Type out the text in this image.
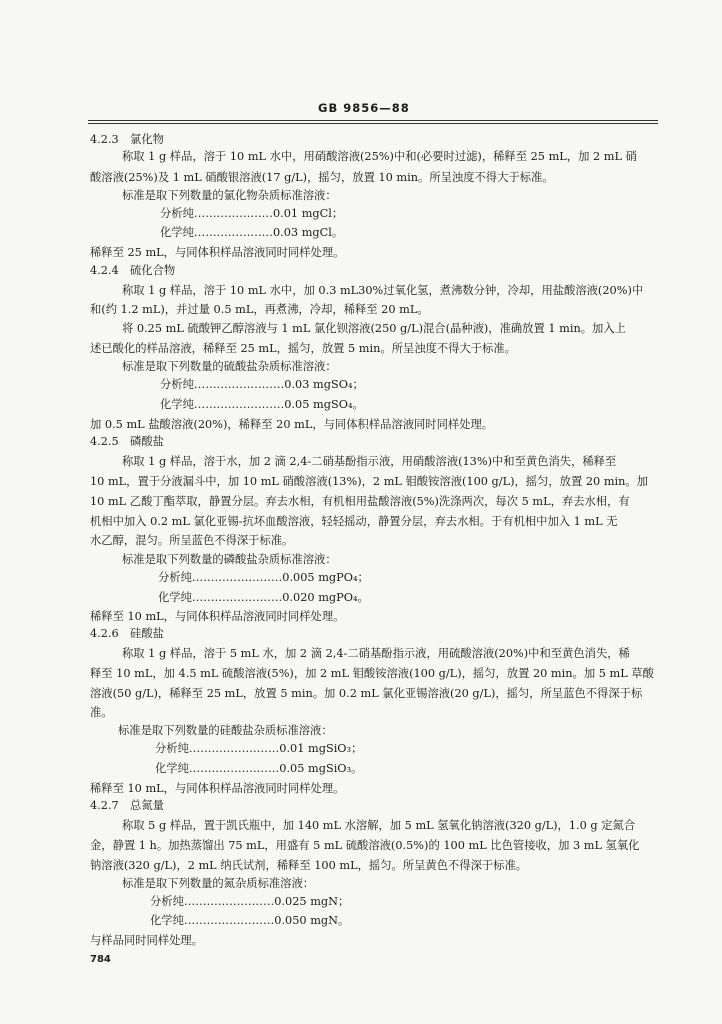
GB 9856—88
4.2.3　氯化物
称取 1 g 样品，溶于 10 mL 水中，用硝酸溶液(25%)中和(必要时过滤)，稀释至 25 mL，加 2 mL 硝
酸溶液(25%)及 1 mL 硝酸银溶液(17 g/L)，摇匀，放置 10 min。所呈浊度不得大于标准。
标准是取下列数量的氯化物杂质标准溶液：
分析纯…………………0.01 mgCl；
化学纯…………………0.03 mgCl。
稀释至 25 mL，与同体积样品溶液同时同样处理。
4.2.4　硫化合物
称取 1 g 样品，溶于 10 mL 水中，加 0.3 mL30%过氧化氢，煮沸数分钟，冷却，用盐酸溶液(20%)中
和(约 1.2 mL)，并过量 0.5 mL，再煮沸，冷却，稀释至 20 mL。
将 0.25 mL 硫酸钾乙醇溶液与 1 mL 氯化钡溶液(250 g/L)混合(晶种液)，准确放置 1 min。加入上
述已酸化的样品溶液，稀释至 25 mL，摇匀，放置 5 min。所呈浊度不得大于标准。
标准是取下列数量的硫酸盐杂质标准溶液：
分析纯……………………0.03 mgSO₄；
化学纯……………………0.05 mgSO₄。
加 0.5 mL 盐酸溶液(20%)，稀释至 20 mL，与同体积样品溶液同时同样处理。
4.2.5　磷酸盐
称取 1 g 样品，溶于水，加 2 滴 2,4-二硝基酚指示液，用硝酸溶液(13%)中和至黄色消失，稀释至
10 mL，置于分液漏斗中，加 10 mL 硝酸溶液(13%)，2 mL 钼酸铵溶液(100 g/L)，摇匀，放置 20 min。加
10 mL 乙酸丁酯萃取，静置分层。弃去水相，有机相用盐酸溶液(5%)洗涤两次，每次 5 mL，弃去水相，有
机相中加入 0.2 mL 氯化亚锡-抗坏血酸溶液，轻轻摇动，静置分层，弃去水相。于有机相中加入 1 mL 无
水乙醇，混匀。所呈蓝色不得深于标准。
标准是取下列数量的磷酸盐杂质标准溶液：
分析纯……………………0.005 mgPO₄；
化学纯……………………0.020 mgPO₄。
稀释至 10 mL，与同体积样品溶液同时同样处理。
4.2.6　硅酸盐
称取 1 g 样品，溶于 5 mL 水，加 2 滴 2,4-二硝基酚指示液，用硫酸溶液(20%)中和至黄色消失，稀
释至 10 mL，加 4.5 mL 硫酸溶液(5%)，加 2 mL 钼酸铵溶液(100 g/L)，摇匀，放置 20 min。加 5 mL 草酸
溶液(50 g/L)，稀释至 25 mL，放置 5 min。加 0.2 mL 氯化亚锡溶液(20 g/L)，摇匀，所呈蓝色不得深于标
准。
标准是取下列数量的硅酸盐杂质标准溶液：
分析纯……………………0.01 mgSiO₃；
化学纯……………………0.05 mgSiO₃。
稀释至 10 mL，与同体积样品溶液同时同样处理。
4.2.7　总氮量
称取 5 g 样品，置于凯氏瓶中，加 140 mL 水溶解，加 5 mL 氢氧化钠溶液(320 g/L)，1.0 g 定氮合
金，静置 1 h。加热蒸馏出 75 mL，用盛有 5 mL 硫酸溶液(0.5%)的 100 mL 比色管接收，加 3 mL 氢氧化
钠溶液(320 g/L)，2 mL 纳氏试剂，稀释至 100 mL，摇匀。所呈黄色不得深于标准。
标准是取下列数量的氮杂质标准溶液：
分析纯……………………0.025 mgN；
化学纯……………………0.050 mgN。
与样品同时同样处理。
784
